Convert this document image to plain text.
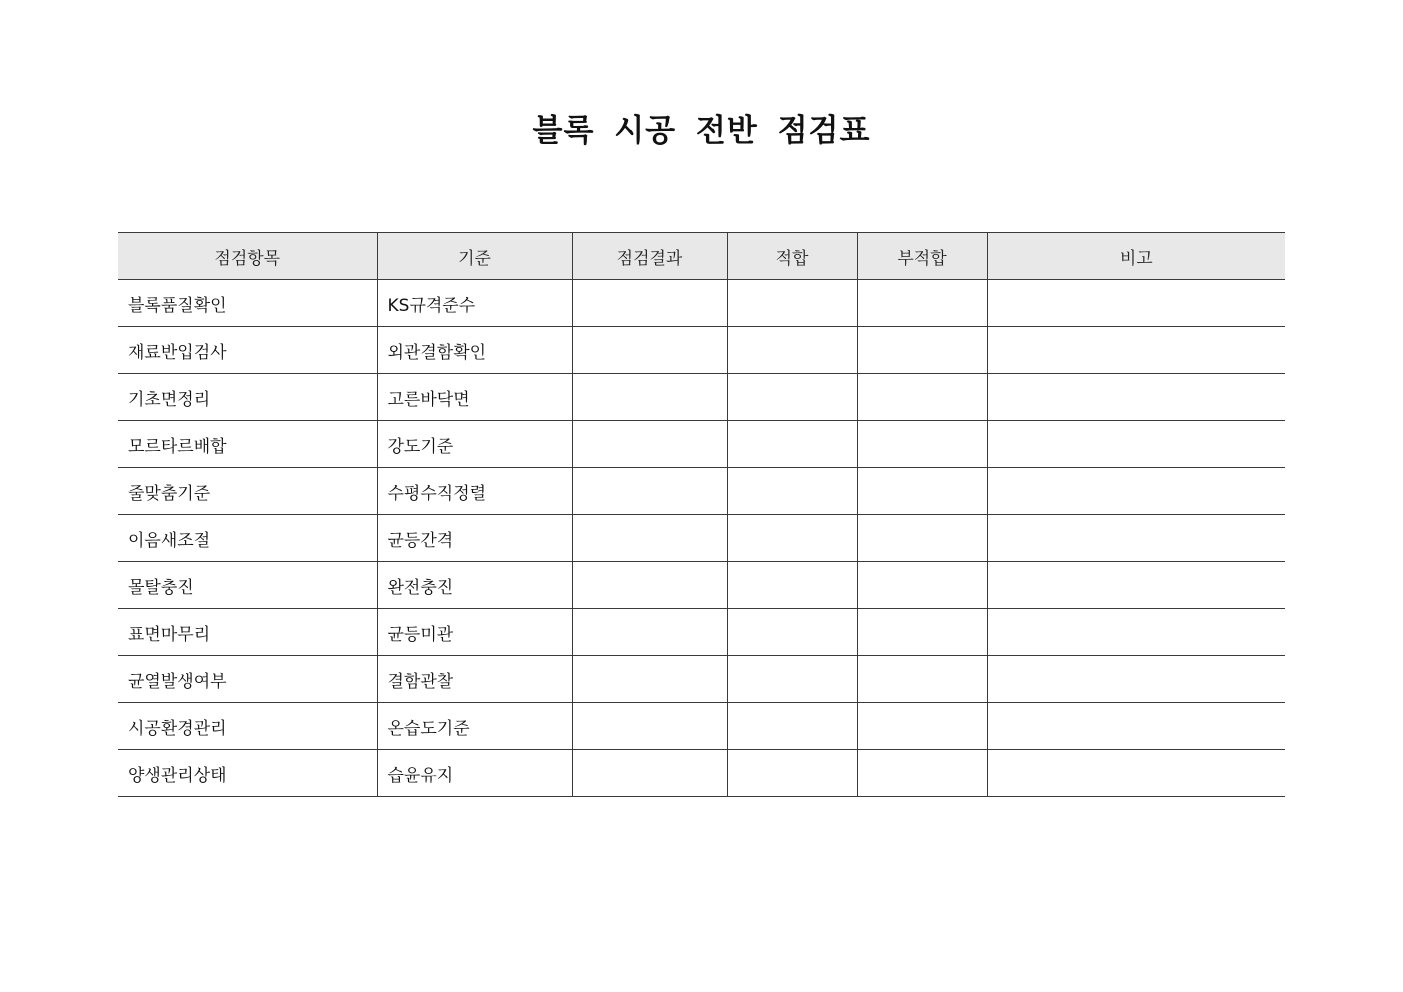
블록 시공 전반 점검표
점검항목	기준	점검결과	적합	부적합	비고
블록품질확인	KS규격준수				
재료반입검사	외관결함확인				
기초면정리	고른바닥면				
모르타르배합	강도기준				
줄맞춤기준	수평수직정렬				
이음새조절	균등간격				
몰탈충진	완전충진				
표면마무리	균등미관				
균열발생여부	결함관찰				
시공환경관리	온습도기준				
양생관리상태	습윤유지				
